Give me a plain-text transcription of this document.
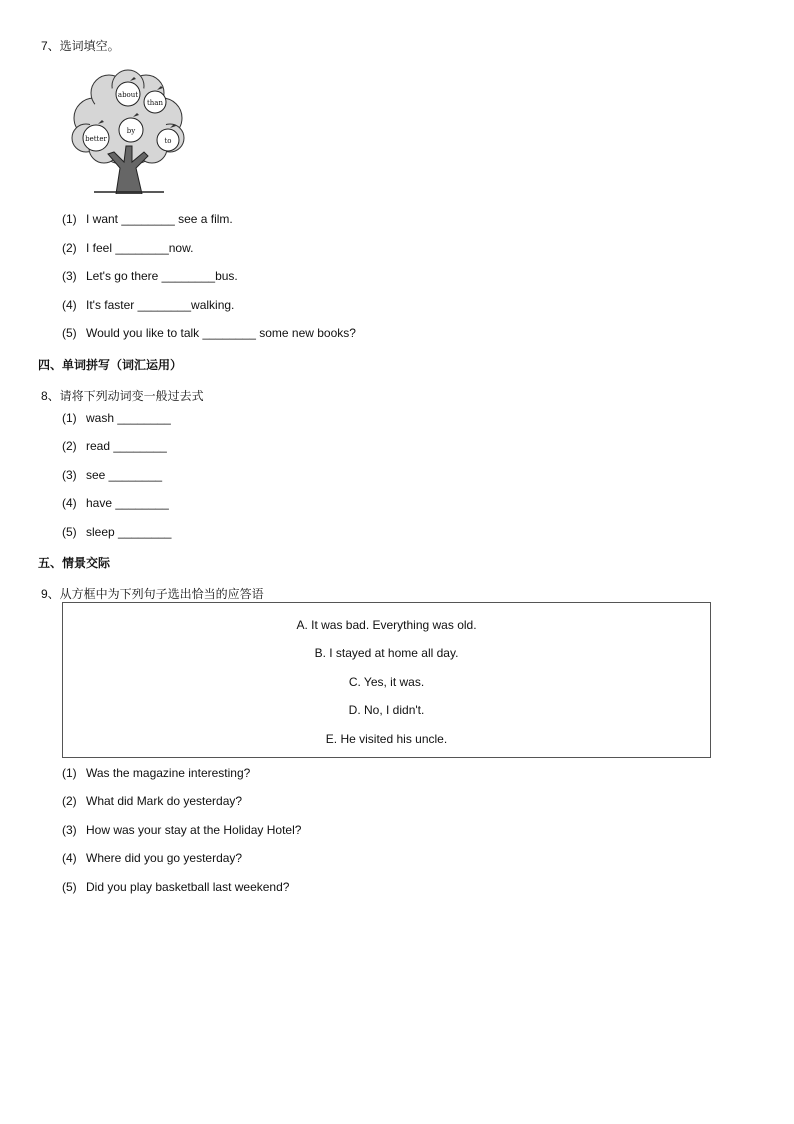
7、选词填空。
about
than
by
better	to
(1) I want ________ see a film.
(2) I feel ________now.
(3) Let's go there ________bus.
(4) It's faster ________walking.
(5) Would you like to talk ________ some new books?
四、单词拼写（词汇运用）
8、请将下列动词变一般过去式
(1) wash ________
(2) read ________
(3) see ________
(4) have ________
(5) sleep ________
五、情景交际
9、从方框中为下列句子选出恰当的应答语
A. It was bad. Everything was old.
B. I stayed at home all day.
C. Yes, it was.
D. No, I didn't.
E. He visited his uncle.
(1) Was the magazine interesting?
(2) What did Mark do yesterday?
(3) How was your stay at the Holiday Hotel?
(4) Where did you go yesterday?
(5) Did you play basketball last weekend?
